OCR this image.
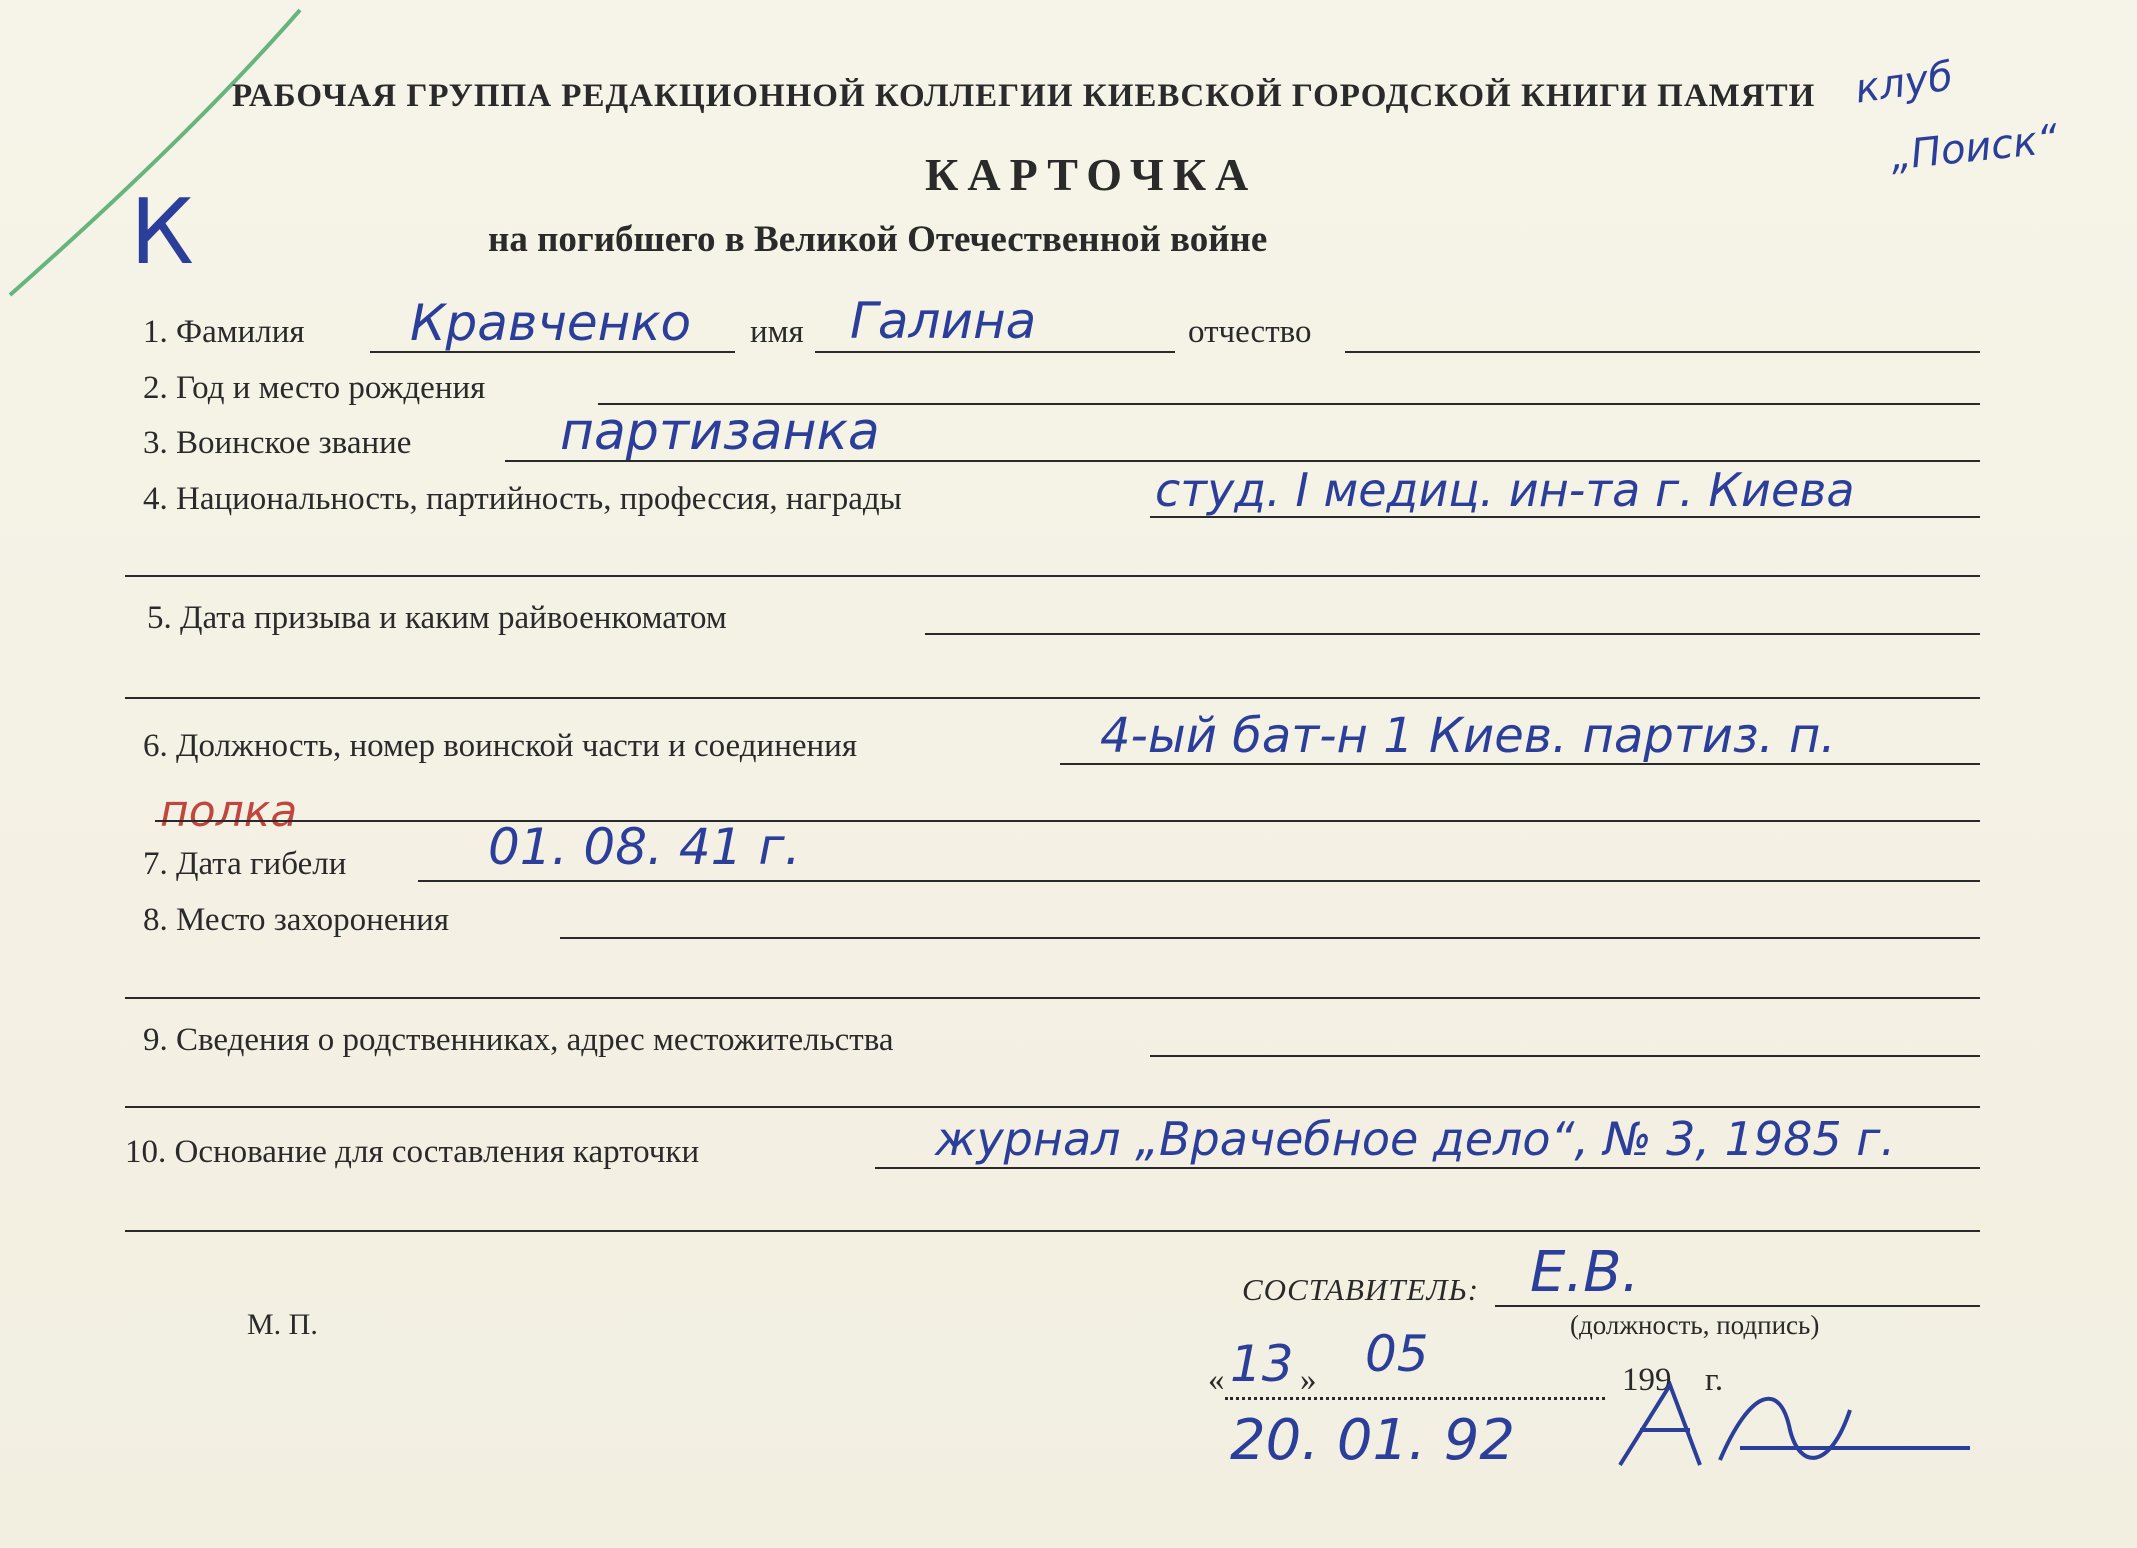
РАБОЧАЯ ГРУППА РЕДАКЦИОННОЙ КОЛЛЕГИИ КИЕВСКОЙ ГОРОДСКОЙ КНИГИ ПАМЯТИ клуб
„Поиск“
КАРТОЧКА
К	на погибшего в Великой Отечественной войне
1. Фамилия Кравченко имя Галина	отчество
2. Год и место рождения
3. Воинское звание	партизанка
4. Национальность, партийность, профессия, награды	студ. I медиц. ин-та г. Киева
5. Дата призыва и каким райвоенкоматом
6. Должность, номер воинской части и соединения	4-ый бат-н 1 Киев. партиз. п.
полка
7. Дата гибели	01. 08. 41 г.
8. Место захоронения
9. Сведения о родственниках, адрес местожительства
10. Основание для составления карточки	журнал „Врачебное дело“, № 3, 1985 г.
СОСТАВИТЕЛЬ: Е.В.
(должность, подпись)
М. П.
« 13 » 05	199 г.
20. 01. 92
